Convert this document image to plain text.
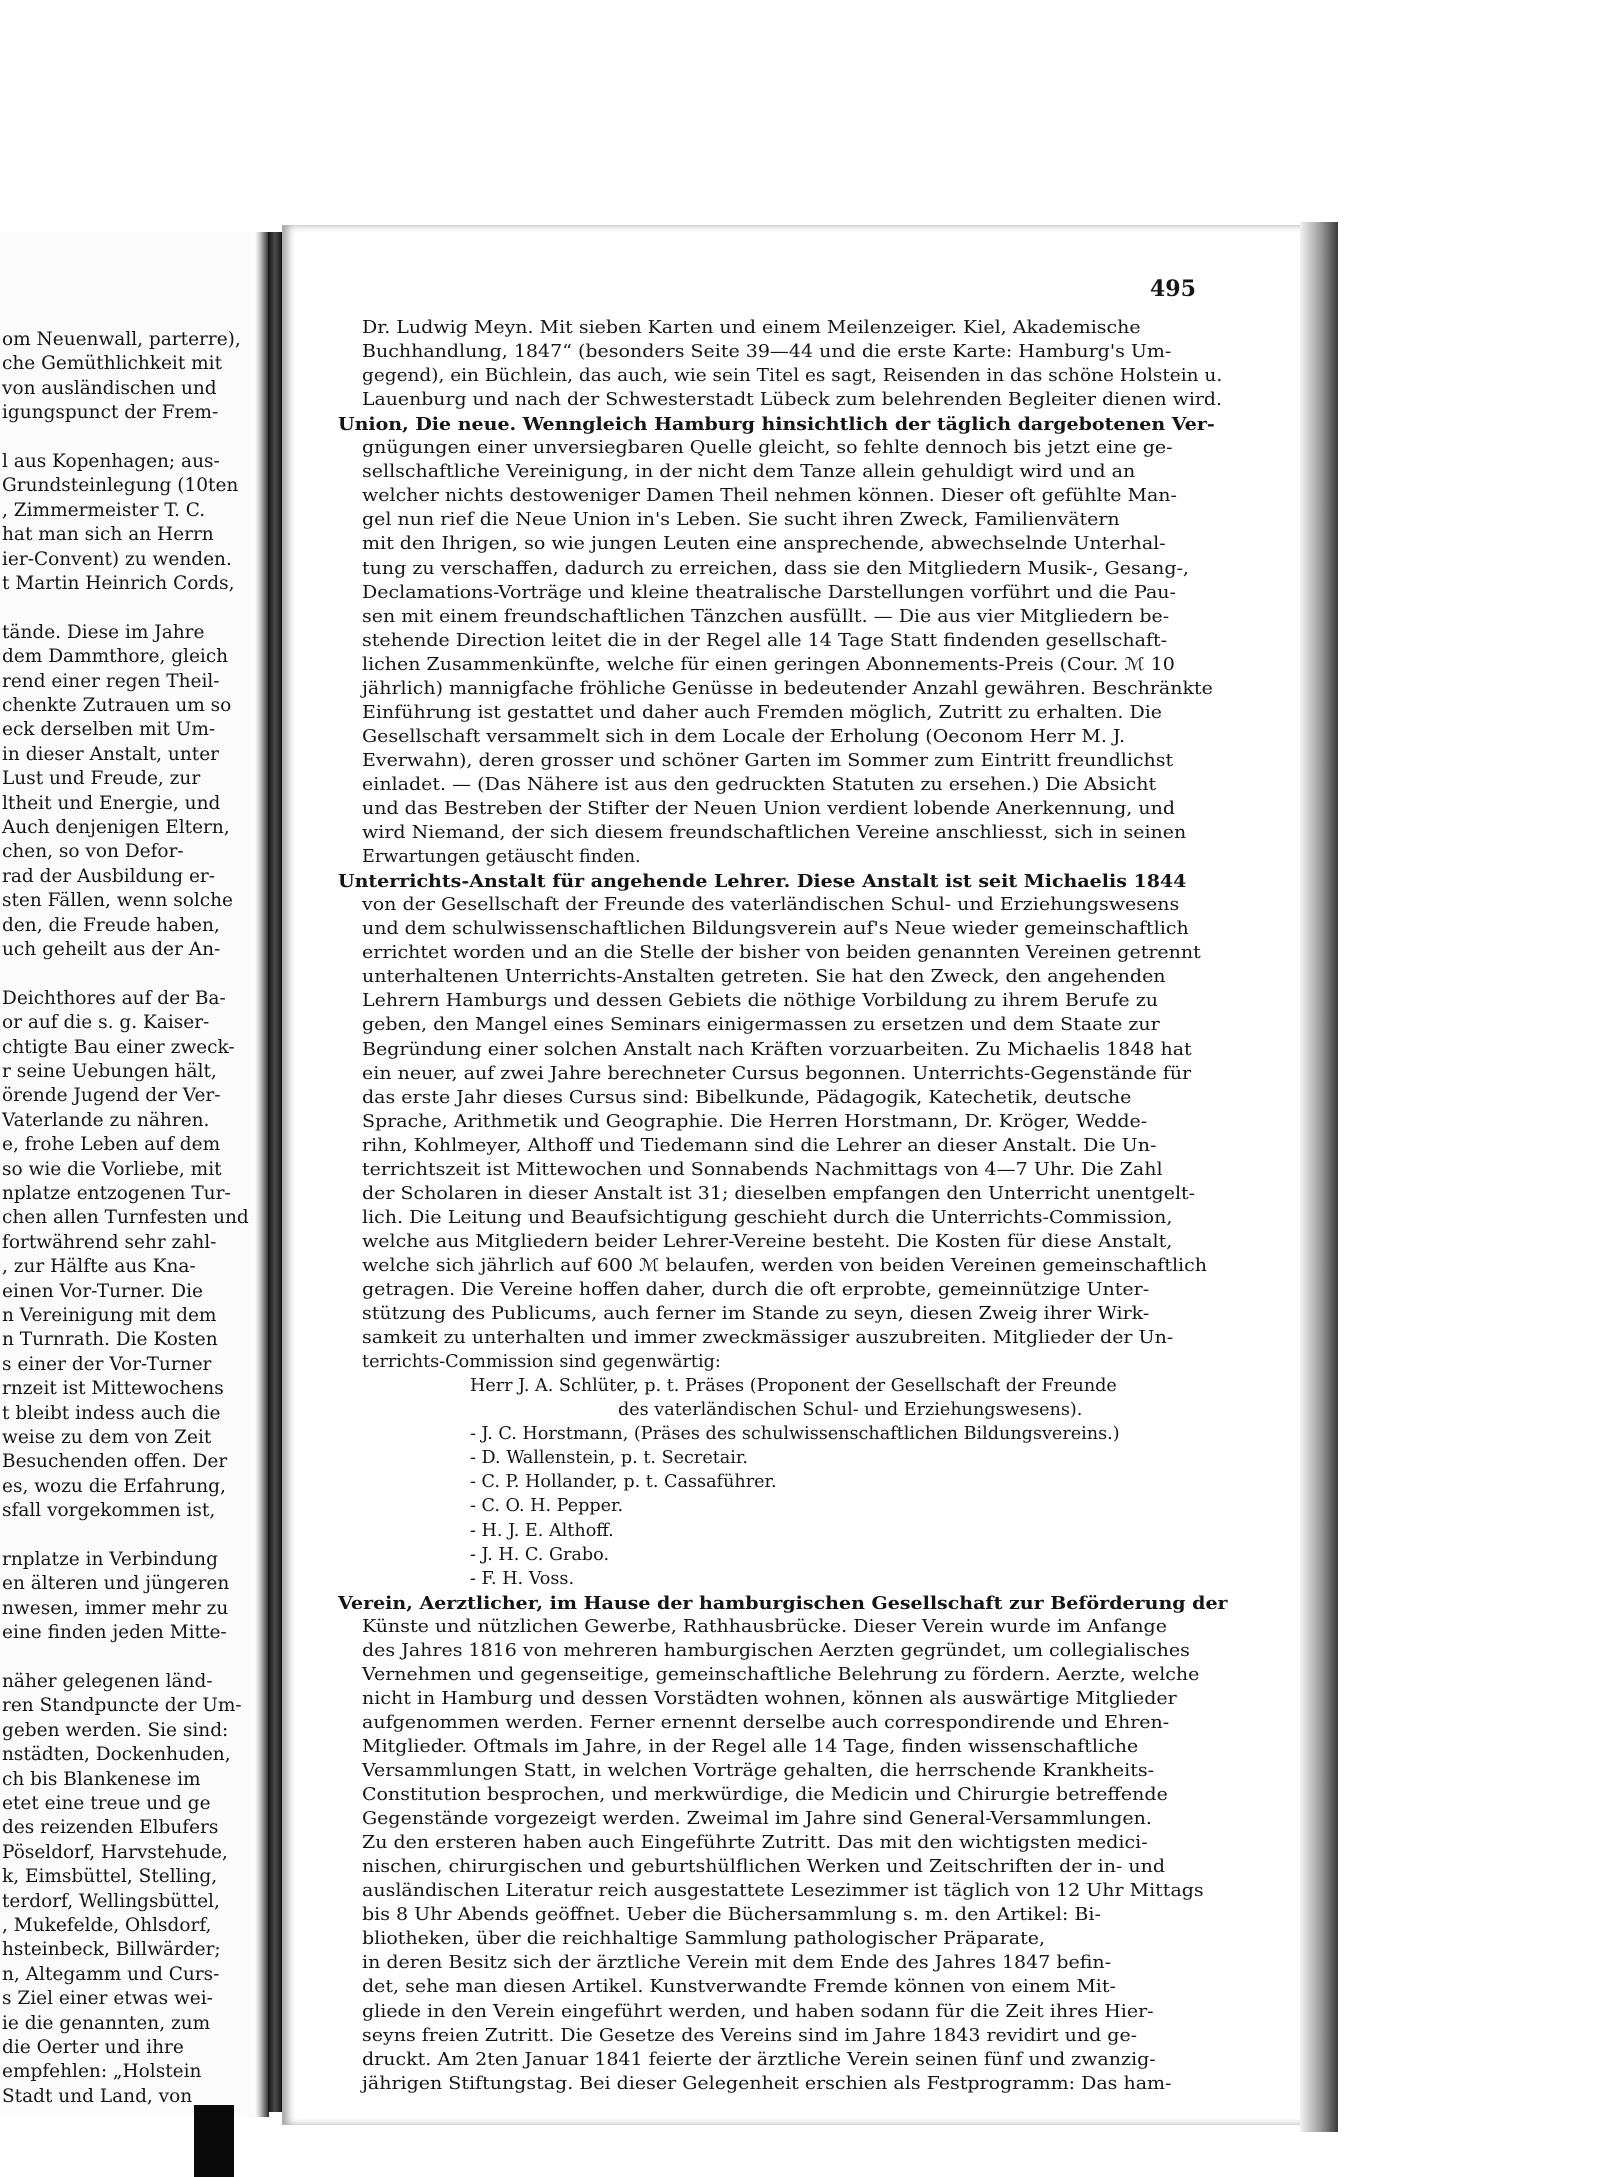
om Neuenwall, parterre),
che Gemüthlichkeit mit
von ausländischen und
igungspunct der Frem-
l aus Kopenhagen; aus-
Grundsteinlegung (10ten
, Zimmermeister T. C.
hat man sich an Herrn
ier-Convent) zu wenden.
t Martin Heinrich Cords,
tände. Diese im Jahre
dem Dammthore, gleich
rend einer regen Theil-
chenkte Zutrauen um so
eck derselben mit Um-
in dieser Anstalt, unter
Lust und Freude, zur
ltheit und Energie, und
Auch denjenigen Eltern,
chen, so von Defor-
rad der Ausbildung er-
sten Fällen, wenn solche
den, die Freude haben,
uch geheilt aus der An-
Deichthores auf der Ba-
or auf die s. g. Kaiser-
chtigte Bau einer zweck-
r seine Uebungen hält,
örende Jugend der Ver-
Vaterlande zu nähren.
e, frohe Leben auf dem
so wie die Vorliebe, mit
nplatze entzogenen Tur-
chen allen Turnfesten und
fortwährend sehr zahl-
, zur Hälfte aus Kna-
einen Vor-Turner. Die
n Vereinigung mit dem
n Turnrath. Die Kosten
s einer der Vor-Turner
rnzeit ist Mittewochens
t bleibt indess auch die
weise zu dem von Zeit
Besuchenden offen. Der
es, wozu die Erfahrung,
sfall vorgekommen ist,
rnplatze in Verbindung
en älteren und jüngeren
nwesen, immer mehr zu
eine finden jeden Mitte-
näher gelegenen länd-
ren Standpuncte der Um-
geben werden. Sie sind:
nstädten, Dockenhuden,
ch bis Blankenese im
etet eine treue und ge
des reizenden Elbufers
Pöseldorf, Harvstehude,
k, Eimsbüttel, Stelling,
terdorf, Wellingsbüttel,
, Mukefelde, Ohlsdorf,
hsteinbeck, Billwärder;
n, Altegamm und Curs-
s Ziel einer etwas wei-
ie die genannten, zum
die Oerter und ihre
empfehlen: „Holstein
Stadt und Land, von
495
Dr. Ludwig Meyn. Mit sieben Karten und einem Meilenzeiger. Kiel, Akademische
Buchhandlung, 1847“ (besonders Seite 39—44 und die erste Karte: Hamburg's Um-
gegend), ein Büchlein, das auch, wie sein Titel es sagt, Reisenden in das schöne Holstein u.
Lauenburg und nach der Schwesterstadt Lübeck zum belehrenden Begleiter dienen wird.
Union, Die neue. Wenngleich Hamburg hinsichtlich der täglich dargebotenen Ver-
gnügungen einer unversiegbaren Quelle gleicht, so fehlte dennoch bis jetzt eine ge-
sellschaftliche Vereinigung, in der nicht dem Tanze allein gehuldigt wird und an
welcher nichts destoweniger Damen Theil nehmen können. Dieser oft gefühlte Man-
gel nun rief die Neue Union in's Leben. Sie sucht ihren Zweck, Familienvätern
mit den Ihrigen, so wie jungen Leuten eine ansprechende, abwechselnde Unterhal-
tung zu verschaffen, dadurch zu erreichen, dass sie den Mitgliedern Musik-, Gesang-,
Declamations-Vorträge und kleine theatralische Darstellungen vorführt und die Pau-
sen mit einem freundschaftlichen Tänzchen ausfüllt. — Die aus vier Mitgliedern be-
stehende Direction leitet die in der Regel alle 14 Tage Statt findenden gesellschaft-
lichen Zusammenkünfte, welche für einen geringen Abonnements-Preis (Cour. ℳ 10
jährlich) mannigfache fröhliche Genüsse in bedeutender Anzahl gewähren. Beschränkte
Einführung ist gestattet und daher auch Fremden möglich, Zutritt zu erhalten. Die
Gesellschaft versammelt sich in dem Locale der Erholung (Oeconom Herr M. J.
Everwahn), deren grosser und schöner Garten im Sommer zum Eintritt freundlichst
einladet. — (Das Nähere ist aus den gedruckten Statuten zu ersehen.) Die Absicht
und das Bestreben der Stifter der Neuen Union verdient lobende Anerkennung, und
wird Niemand, der sich diesem freundschaftlichen Vereine anschliesst, sich in seinen
Erwartungen getäuscht finden.
Unterrichts-Anstalt für angehende Lehrer. Diese Anstalt ist seit Michaelis 1844
von der Gesellschaft der Freunde des vaterländischen Schul- und Erziehungswesens
und dem schulwissenschaftlichen Bildungsverein auf's Neue wieder gemeinschaftlich
errichtet worden und an die Stelle der bisher von beiden genannten Vereinen getrennt
unterhaltenen Unterrichts-Anstalten getreten. Sie hat den Zweck, den angehenden
Lehrern Hamburgs und dessen Gebiets die nöthige Vorbildung zu ihrem Berufe zu
geben, den Mangel eines Seminars einigermassen zu ersetzen und dem Staate zur
Begründung einer solchen Anstalt nach Kräften vorzuarbeiten. Zu Michaelis 1848 hat
ein neuer, auf zwei Jahre berechneter Cursus begonnen. Unterrichts-Gegenstände für
das erste Jahr dieses Cursus sind: Bibelkunde, Pädagogik, Katechetik, deutsche
Sprache, Arithmetik und Geographie. Die Herren Horstmann, Dr. Kröger, Wedde-
rihn, Kohlmeyer, Althoff und Tiedemann sind die Lehrer an dieser Anstalt. Die Un-
terrichtszeit ist Mittewochen und Sonnabends Nachmittags von 4—7 Uhr. Die Zahl
der Scholaren in dieser Anstalt ist 31; dieselben empfangen den Unterricht unentgelt-
lich. Die Leitung und Beaufsichtigung geschieht durch die Unterrichts-Commission,
welche aus Mitgliedern beider Lehrer-Vereine besteht. Die Kosten für diese Anstalt,
welche sich jährlich auf 600 ℳ belaufen, werden von beiden Vereinen gemeinschaftlich
getragen. Die Vereine hoffen daher, durch die oft erprobte, gemeinnützige Unter-
stützung des Publicums, auch ferner im Stande zu seyn, diesen Zweig ihrer Wirk-
samkeit zu unterhalten und immer zweckmässiger auszubreiten. Mitglieder der Un-
terrichts-Commission sind gegenwärtig:
Herr J. A. Schlüter, p. t. Präses (Proponent der Gesellschaft der Freunde
des vaterländischen Schul- und Erziehungswesens).
- J. C. Horstmann, (Präses des schulwissenschaftlichen Bildungsvereins.)
- D. Wallenstein, p. t. Secretair.
- C. P. Hollander, p. t. Cassaführer.
- C. O. H. Pepper.
- H. J. E. Althoff.
- J. H. C. Grabo.
- F. H. Voss.
Verein, Aerztlicher, im Hause der hamburgischen Gesellschaft zur Beförderung der
Künste und nützlichen Gewerbe, Rathhausbrücke. Dieser Verein wurde im Anfange
des Jahres 1816 von mehreren hamburgischen Aerzten gegründet, um collegialisches
Vernehmen und gegenseitige, gemeinschaftliche Belehrung zu fördern. Aerzte, welche
nicht in Hamburg und dessen Vorstädten wohnen, können als auswärtige Mitglieder
aufgenommen werden. Ferner ernennt derselbe auch correspondirende und Ehren-
Mitglieder. Oftmals im Jahre, in der Regel alle 14 Tage, finden wissenschaftliche
Versammlungen Statt, in welchen Vorträge gehalten, die herrschende Krankheits-
Constitution besprochen, und merkwürdige, die Medicin und Chirurgie betreffende
Gegenstände vorgezeigt werden. Zweimal im Jahre sind General-Versammlungen.
Zu den ersteren haben auch Eingeführte Zutritt. Das mit den wichtigsten medici-
nischen, chirurgischen und geburtshülflichen Werken und Zeitschriften der in- und
ausländischen Literatur reich ausgestattete Lesezimmer ist täglich von 12 Uhr Mittags
bis 8 Uhr Abends geöffnet. Ueber die Büchersammlung s. m. den Artikel: Bi-
bliotheken, über die reichhaltige Sammlung pathologischer Präparate,
in deren Besitz sich der ärztliche Verein mit dem Ende des Jahres 1847 befin-
det, sehe man diesen Artikel. Kunstverwandte Fremde können von einem Mit-
gliede in den Verein eingeführt werden, und haben sodann für die Zeit ihres Hier-
seyns freien Zutritt. Die Gesetze des Vereins sind im Jahre 1843 revidirt und ge-
druckt. Am 2ten Januar 1841 feierte der ärztliche Verein seinen fünf und zwanzig-
jährigen Stiftungstag. Bei dieser Gelegenheit erschien als Festprogramm: Das ham-
